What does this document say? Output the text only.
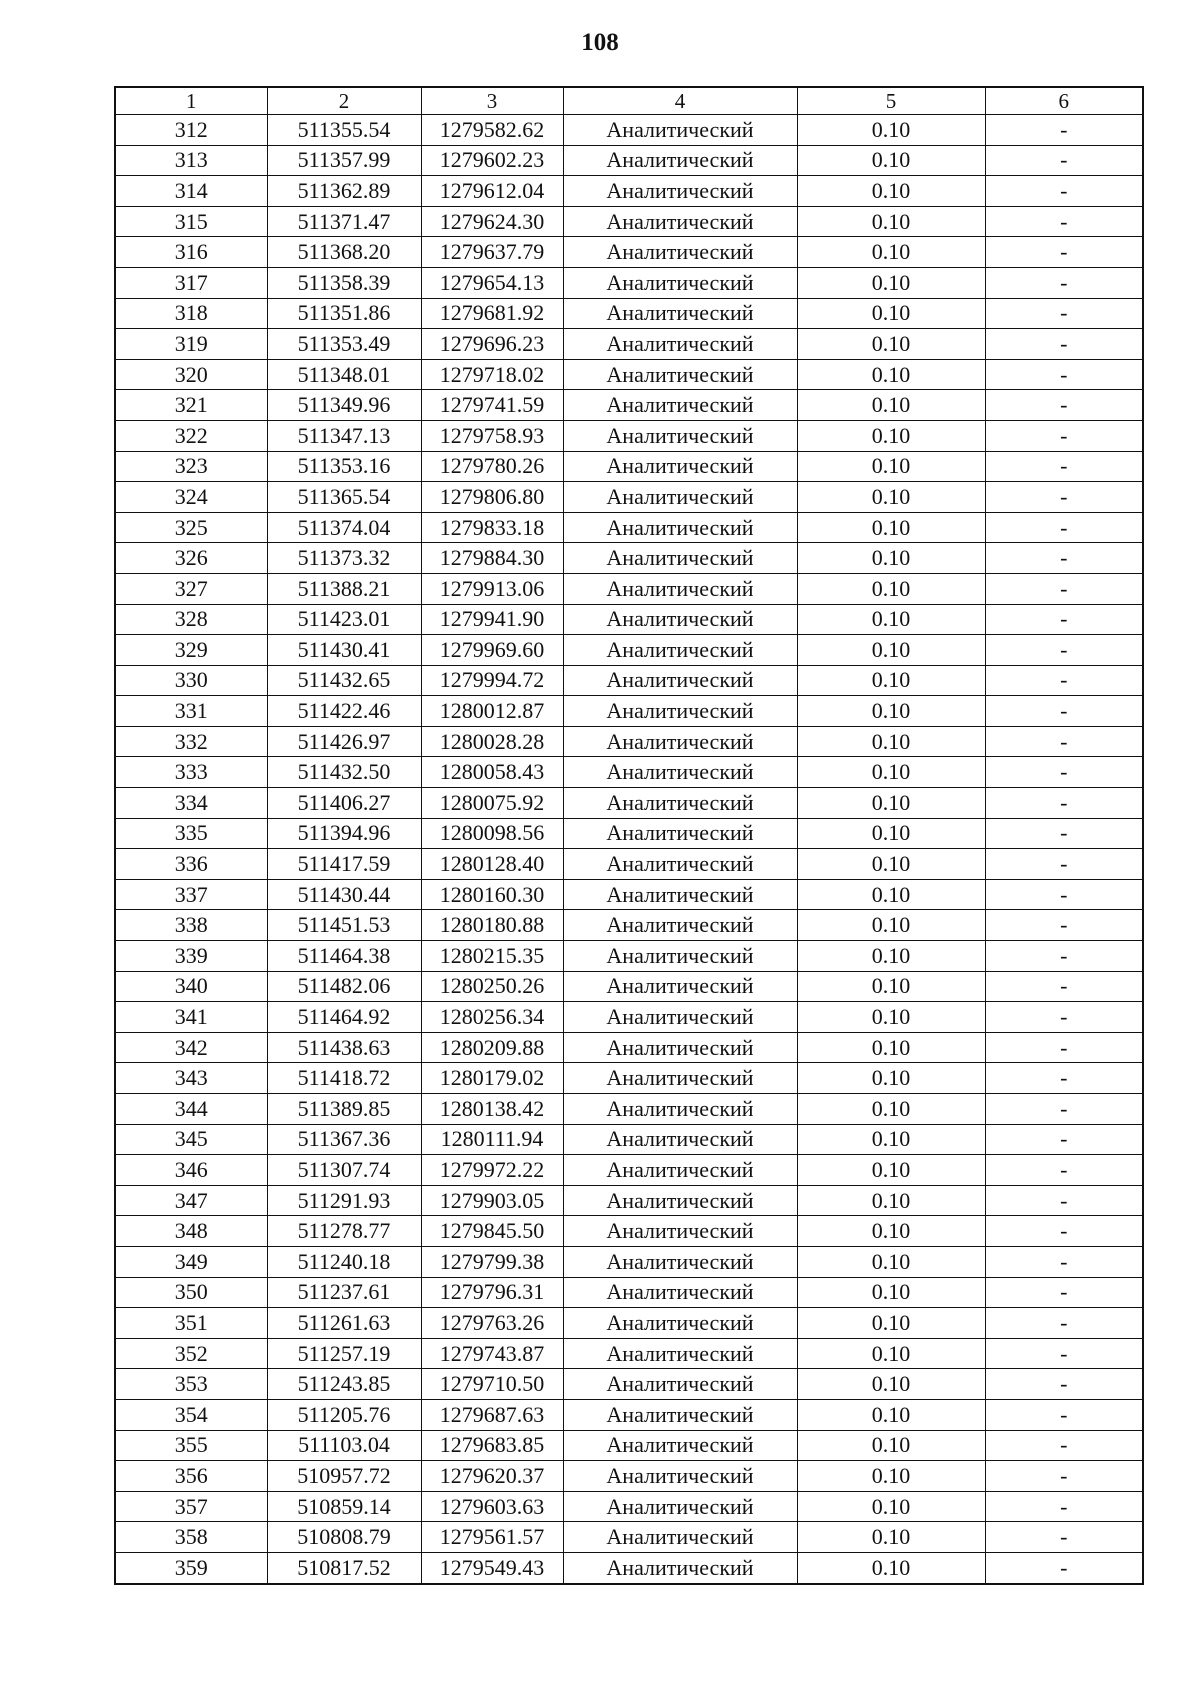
108
1	2	3	4	5	6
312	511355.54	1279582.62	Аналитический	0.10	-
313	511357.99	1279602.23	Аналитический	0.10	-
314	511362.89	1279612.04	Аналитический	0.10	-
315	511371.47	1279624.30	Аналитический	0.10	-
316	511368.20	1279637.79	Аналитический	0.10	-
317	511358.39	1279654.13	Аналитический	0.10	-
318	511351.86	1279681.92	Аналитический	0.10	-
319	511353.49	1279696.23	Аналитический	0.10	-
320	511348.01	1279718.02	Аналитический	0.10	-
321	511349.96	1279741.59	Аналитический	0.10	-
322	511347.13	1279758.93	Аналитический	0.10	-
323	511353.16	1279780.26	Аналитический	0.10	-
324	511365.54	1279806.80	Аналитический	0.10	-
325	511374.04	1279833.18	Аналитический	0.10	-
326	511373.32	1279884.30	Аналитический	0.10	-
327	511388.21	1279913.06	Аналитический	0.10	-
328	511423.01	1279941.90	Аналитический	0.10	-
329	511430.41	1279969.60	Аналитический	0.10	-
330	511432.65	1279994.72	Аналитический	0.10	-
331	511422.46	1280012.87	Аналитический	0.10	-
332	511426.97	1280028.28	Аналитический	0.10	-
333	511432.50	1280058.43	Аналитический	0.10	-
334	511406.27	1280075.92	Аналитический	0.10	-
335	511394.96	1280098.56	Аналитический	0.10	-
336	511417.59	1280128.40	Аналитический	0.10	-
337	511430.44	1280160.30	Аналитический	0.10	-
338	511451.53	1280180.88	Аналитический	0.10	-
339	511464.38	1280215.35	Аналитический	0.10	-
340	511482.06	1280250.26	Аналитический	0.10	-
341	511464.92	1280256.34	Аналитический	0.10	-
342	511438.63	1280209.88	Аналитический	0.10	-
343	511418.72	1280179.02	Аналитический	0.10	-
344	511389.85	1280138.42	Аналитический	0.10	-
345	511367.36	1280111.94	Аналитический	0.10	-
346	511307.74	1279972.22	Аналитический	0.10	-
347	511291.93	1279903.05	Аналитический	0.10	-
348	511278.77	1279845.50	Аналитический	0.10	-
349	511240.18	1279799.38	Аналитический	0.10	-
350	511237.61	1279796.31	Аналитический	0.10	-
351	511261.63	1279763.26	Аналитический	0.10	-
352	511257.19	1279743.87	Аналитический	0.10	-
353	511243.85	1279710.50	Аналитический	0.10	-
354	511205.76	1279687.63	Аналитический	0.10	-
355	511103.04	1279683.85	Аналитический	0.10	-
356	510957.72	1279620.37	Аналитический	0.10	-
357	510859.14	1279603.63	Аналитический	0.10	-
358	510808.79	1279561.57	Аналитический	0.10	-
359	510817.52	1279549.43	Аналитический	0.10	-
